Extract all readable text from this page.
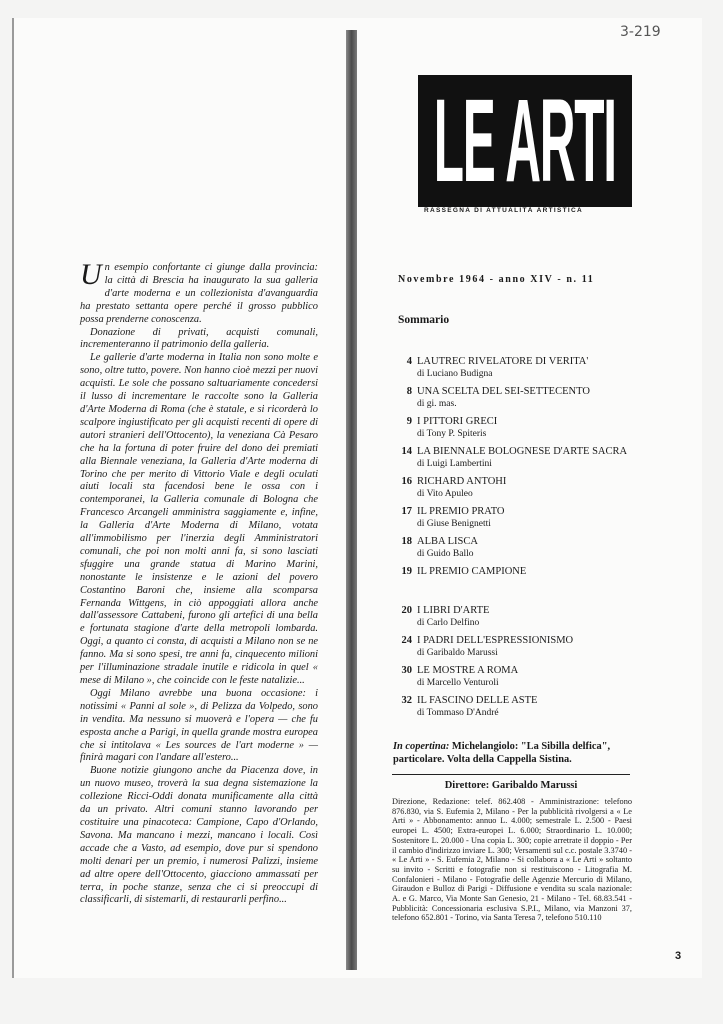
3-219

Un esempio confortante ci giunge dalla provincia: la città di Brescia ha inaugurato la sua galleria d'arte moderna e un collezionista d'avanguardia ha prestato settanta opere perché il grosso pubblico possa prenderne conoscenza.

Donazione di privati, acquisti comunali, incrementeranno il patrimonio della galleria.

Le gallerie d'arte moderna in Italia non sono molte e sono, oltre tutto, povere. Non hanno cioè mezzi per nuovi acquisti. Le sole che possano saltuariamente concedersi il lusso di incrementare le raccolte sono la Galleria d'Arte Moderna di Roma (che è statale, e si ricorderà lo scalpore ingiustificato per gli acquisti recenti di opere di autori stranieri dell'Ottocento), la veneziana Cà Pesaro che ha la fortuna di poter fruire del dono dei premiati alla Biennale veneziana, la Galleria d'Arte moderna di Torino che per merito di Vittorio Viale e degli oculati aiuti locali sta facendosi bene le ossa con i contemporanei, la Galleria comunale di Bologna che Francesco Arcangeli amministra saggiamente e, infine, la Galleria d'Arte Moderna di Milano, votata all'immobilismo per l'inerzia degli Amministratori comunali, che poi non molti anni fa, si sono lasciati sfuggire una grande statua di Marino Marini, nonostante le insistenze e le azioni del povero Costantino Baroni che, insieme alla scomparsa Fernanda Wittgens, in ciò appoggiati allora anche dall'assessore Cattabeni, furono gli artefici di una bella e fortunata stagione d'arte della metropoli lombarda. Oggi, a quanto ci consta, di acquisti a Milano non se ne fanno. Ma si sono spesi, tre anni fa, cinquecento milioni per l'illuminazione stradale inutile e ridicola in quel « mese di Milano », che coincide con le feste natalizie...

Oggi Milano avrebbe una buona occasione: i notissimi « Panni al sole », di Pelizza da Volpedo, sono in vendita. Ma nessuno si muoverà e l'opera — che fu esposta anche a Parigi, in quella grande mostra europea che si intitolava « Les sources de l'art moderne » — finirà magari con l'andare all'estero...

Buone notizie giungono anche da Piacenza dove, in un nuovo museo, troverà la sua degna sistemazione la collezione Ricci-Oddi donata munificamente alla città da un privato. Altri comuni stanno lavorando per costituire una pinacoteca: Campione, Capo d'Orlando, Savona. Ma mancano i mezzi, mancano i locali. Così accade che a Vasto, ad esempio, dove pur si spendono molti denari per un premio, i numerosi Palizzi, insieme ad altre opere dell'Ottocento, giacciono ammassati per terra, in poche stanze, senza che ci si preoccupi di classificarli, di sistemarli, di restaurarli perfino...

LE ARTI
RASSEGNA DI ATTUALITÀ ARTISTICA
Novembre 1964 - anno XIV - n. 11
Sommario
4 LAUTREC RIVELATORE DI VERITA'
di Luciano Budigna
8 UNA SCELTA DEL SEI-SETTECENTO
di gi. mas.
9 I PITTORI GRECI
di Tony P. Spiteris
14 LA BIENNALE BOLOGNESE D'ARTE SACRA
di Luigi Lambertini
16 RICHARD ANTOHI
di Vito Apuleo
17 IL PREMIO PRATO
di Giuse Benignetti
18 ALBA LISCA
di Guido Ballo
19 IL PREMIO CAMPIONE
20 I LIBRI D'ARTE
di Carlo Delfino
24 I PADRI DELL'ESPRESSIONISMO
di Garibaldo Marussi
30 LE MOSTRE A ROMA
di Marcello Venturoli
32 IL FASCINO DELLE ASTE
di Tommaso D'André
In copertina: Michelangiolo: "La Sibilla delfica", particolare. Volta della Cappella Sistina.
Direttore: Garibaldo Marussi
Direzione, Redazione: telef. 862.408 - Amministrazione: telefono 876.830, via S. Eufemia 2, Milano - Per la pubblicità rivolgersi a « Le Arti » - Abbonamento: annuo L. 4.000; semestrale L. 2.500 - Paesi europei L. 4500; Extra-europei L. 6.000; Straordinario L. 10.000; Sostenitore L. 20.000 - Una copia L. 300; copie arretrate il doppio - Per il cambio d'indirizzo inviare L. 300; Versamenti sul c.c. postale 3.3740 - « Le Arti » - S. Eufemia 2, Milano - Si collabora a « Le Arti » soltanto su invito - Scritti e fotografie non si restituiscono - Litografia M. Confalonieri - Milano - Fotografie delle Agenzie Mercurio di Milano, Giraudon e Bulloz di Parigi - Diffusione e vendita su scala nazionale: A. e G. Marco, Via Monte San Genesio, 21 - Milano - Tel. 68.83.541 - Pubblicità: Concessionaria esclusiva S.P.I., Milano, via Manzoni 37, telefono 652.801 - Torino, via Santa Teresa 7, telefono 510.110
3
